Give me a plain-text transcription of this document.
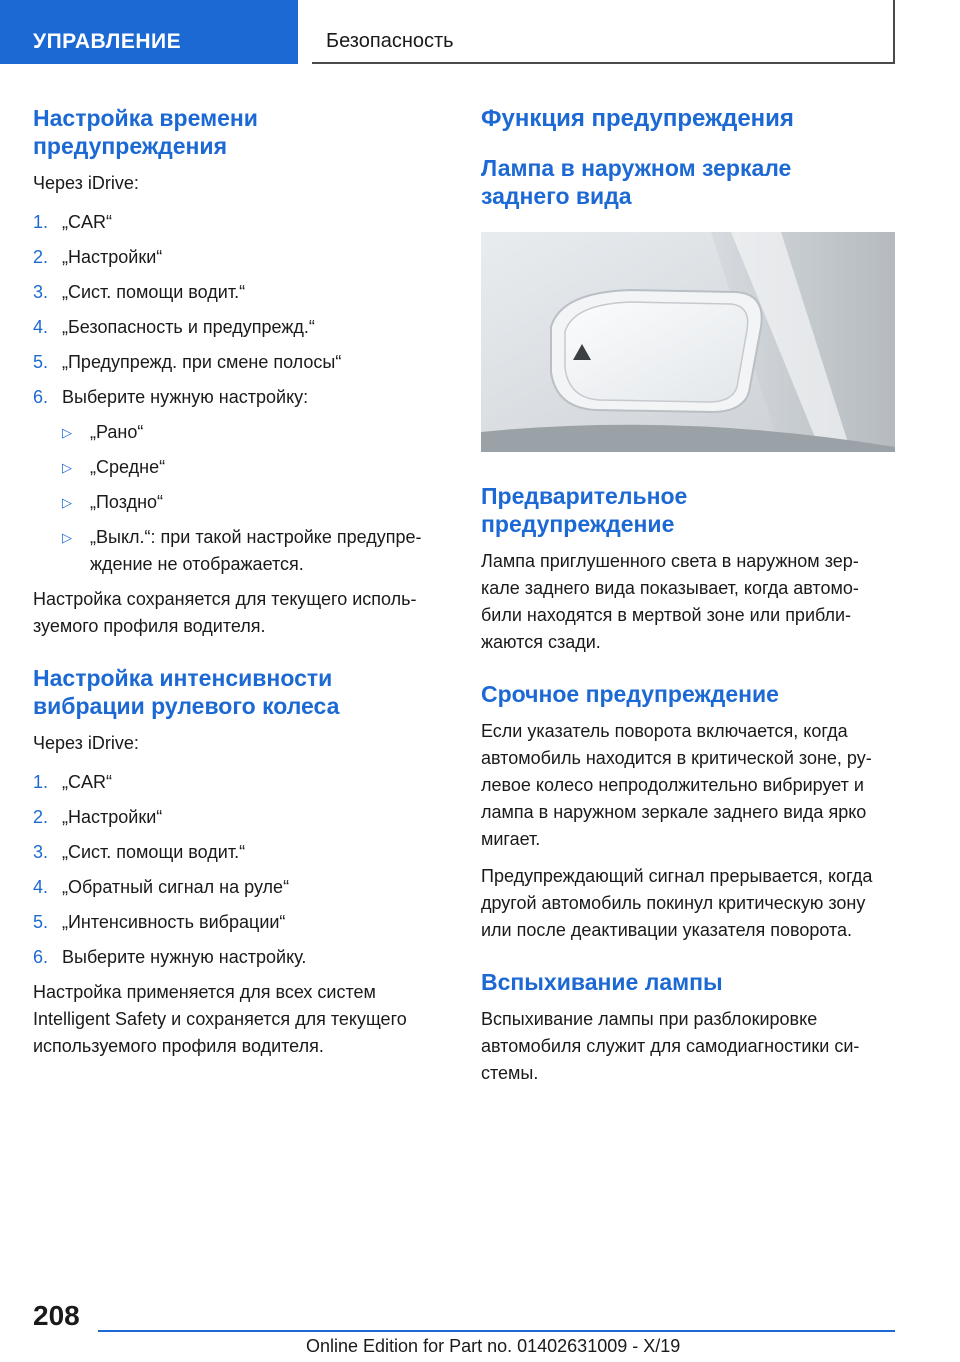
УПРАВЛЕНИЕ	Безопасность
Настройка времени
предупреждения

Через iDrive:

1. „CAR“
2. „Настройки“
3. „Сист. помощи водит.“
4. „Безопасность и предупрежд.“
5. „Предупрежд. при смене полосы“
6. Выберите нужную настройку:
▷ „Рано“
▷ „Средне“
▷ „Поздно“
▷ „Выкл.“: при такой настройке предупре-
ждение не отображается.

Настройка сохраняется для текущего исполь-
зуемого профиля водителя.

Настройка интенсивности
вибрации рулевого колеса

Через iDrive:

1. „CAR“
2. „Настройки“
3. „Сист. помощи водит.“
4. „Обратный сигнал на руле“
5. „Интенсивность вибрации“
6. Выберите нужную настройку.

Настройка применяется для всех систем
Intelligent Safety и сохраняется для текущего
используемого профиля водителя.

Функция предупреждения
Лампа в наружном зеркале
заднего вида
Предварительное
предупреждение

Лампа приглушенного света в наружном зер-
кале заднего вида показывает, когда автомо-
били находятся в мертвой зоне или прибли-
жаются сзади.

Срочное предупреждение

Если указатель поворота включается, когда
автомобиль находится в критической зоне, ру-
левое колесо непродолжительно вибрирует и
лампа в наружном зеркале заднего вида ярко
мигает.

Предупреждающий сигнал прерывается, когда
другой автомобиль покинул критическую зону
или после деактивации указателя поворота.

Вспыхивание лампы

Вспыхивание лампы при разблокировке
автомобиля служит для самодиагностики си-
стемы.

208
Online Edition for Part no. 01402631009 - X/19
